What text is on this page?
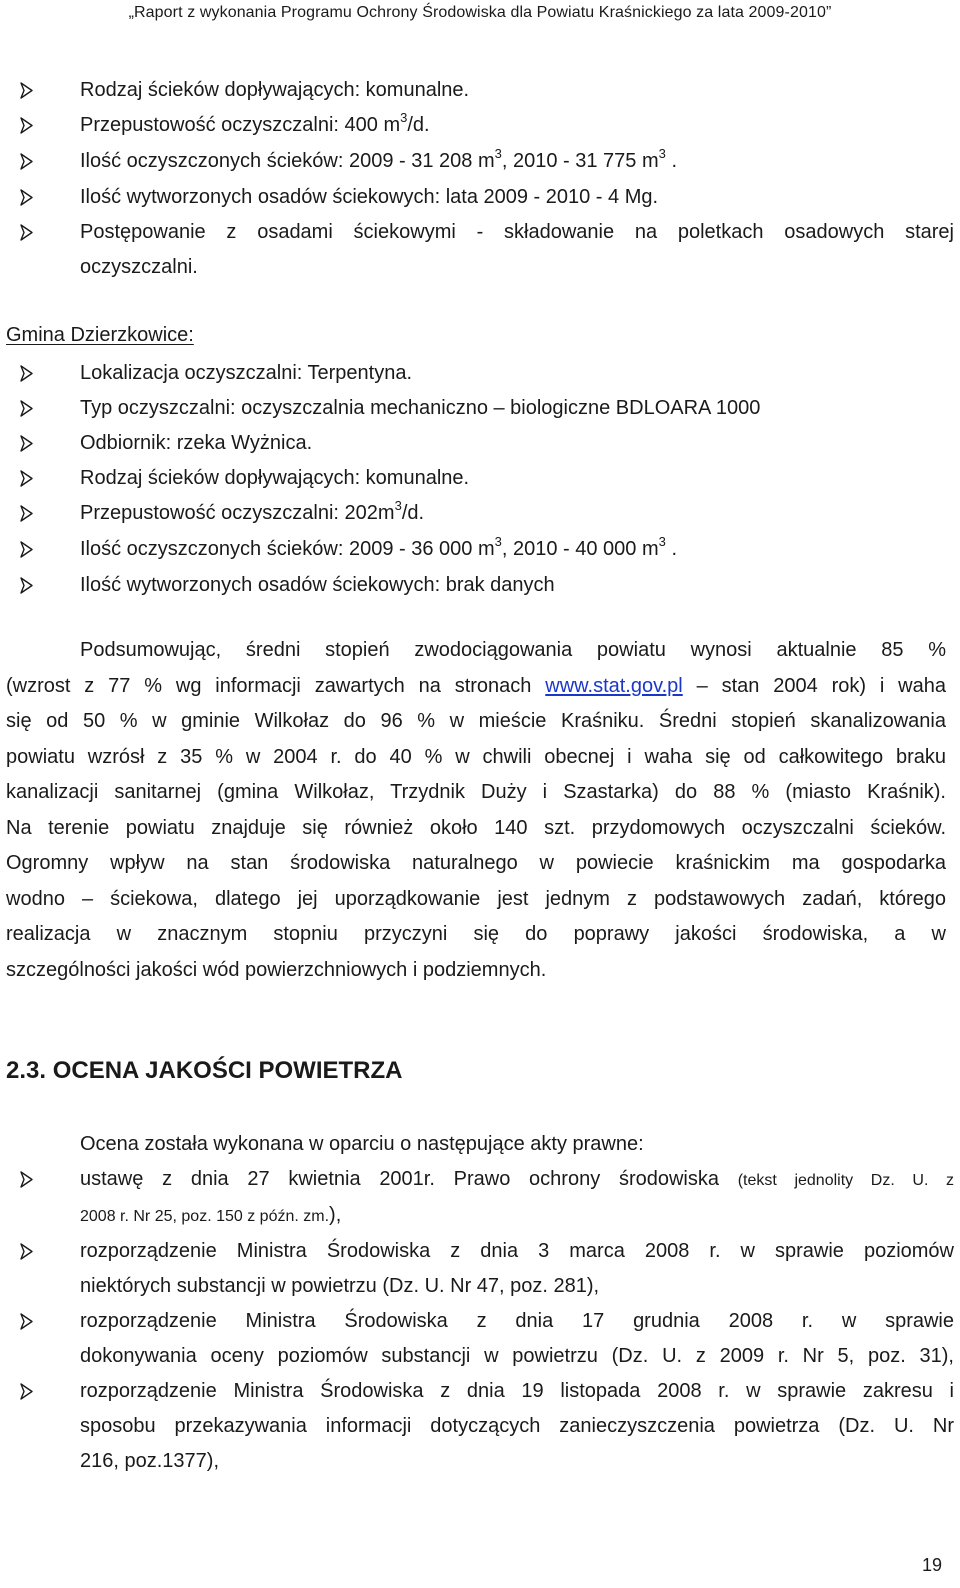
„Raport z wykonania Programu Ochrony Środowiska dla Powiatu Kraśnickiego za lata 2009-2010”
Rodzaj ścieków dopływających: komunalne.
Przepustowość oczyszczalni: 400 $m^3/d$.
Ilość oczyszczonych ścieków: 2009 - 31 208 $m^3$, 2010 - 31 775 $m^3$ .
Ilość wytworzonych osadów ściekowych: lata 2009 - 2010 - 4 Mg.
Postępowanie z osadami ściekowymi - składowanie na poletkach osadowych starej
oczyszczalni.
Gmina Dzierzkowice:
Lokalizacja oczyszczalni: Terpentyna.
Typ oczyszczalni: oczyszczalnia mechaniczno – biologiczne BDLOARA 1000
Odbiornik: rzeka Wyżnica.
Rodzaj ścieków dopływających: komunalne.
Przepustowość oczyszczalni: $202m^3/d$.
Ilość oczyszczonych ścieków: 2009 - 36 000 $m^3$, 2010 - 40 000 $m^3$ .
Ilość wytworzonych osadów ściekowych: brak danych
Podsumowując, średni stopień zwodociągowania powiatu wynosi aktualnie 85 %
(wzrost z 77 % wg informacji zawartych na stronach www.stat.gov.pl – stan 2004 rok) i waha
się od 50 % w gminie Wilkołaz do 96 % w mieście Kraśniku. Średni stopień skanalizowania
powiatu wzrósł z 35 % w 2004 r. do 40 % w chwili obecnej i waha się od całkowitego braku
kanalizacji sanitarnej (gmina Wilkołaz, Trzydnik Duży i Szastarka) do 88 % (miasto Kraśnik).
Na terenie powiatu znajduje się również około 140 szt. przydomowych oczyszczalni ścieków.
Ogromny wpływ na stan środowiska naturalnego w powiecie kraśnickim ma gospodarka
wodno – ściekowa, dlatego jej uporządkowanie jest jednym z podstawowych zadań, którego
realizacja w znacznym stopniu przyczyni się do poprawy jakości środowiska, a w
szczególności jakości wód powierzchniowych i podziemnych.
2.3. OCENA JAKOŚCI POWIETRZA
Ocena została wykonana w oparciu o następujące akty prawne:
ustawę z dnia 27 kwietnia 2001r. Prawo ochrony środowiska (tekst jednolity Dz. U. z
2008 r. Nr 25, poz. 150 z późn. zm.),
rozporządzenie Ministra Środowiska z dnia 3 marca 2008 r. w sprawie poziomów
niektórych substancji w powietrzu (Dz. U. Nr 47, poz. 281),
rozporządzenie Ministra Środowiska z dnia 17 grudnia 2008 r. w sprawie
dokonywania oceny poziomów substancji w powietrzu (Dz. U. z 2009 r. Nr 5, poz. 31),
rozporządzenie Ministra Środowiska z dnia 19 listopada 2008 r. w sprawie zakresu i
sposobu przekazywania informacji dotyczących zanieczyszczenia powietrza (Dz. U. Nr
216, poz.1377),
19
